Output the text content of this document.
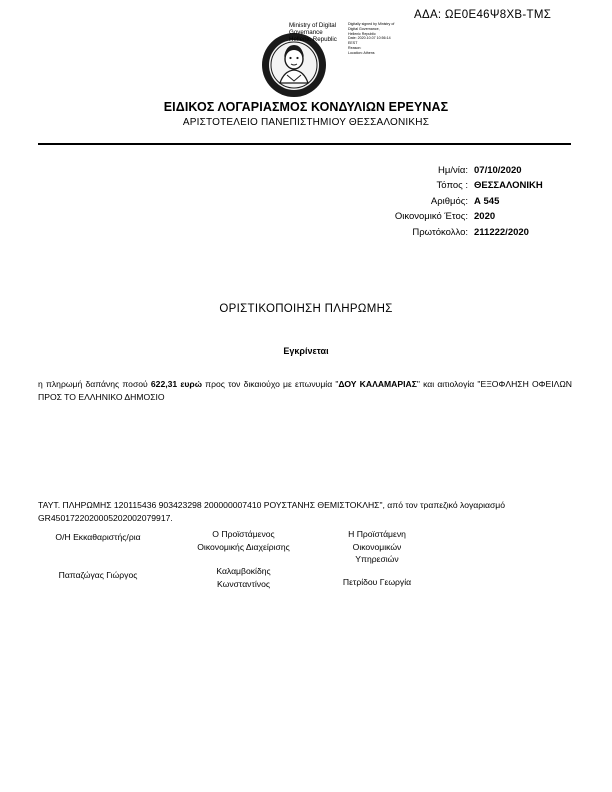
ΑΔΑ: ΩΕ0Ε46Ψ8ΧΒ-ΤΜΣ
Ministry of Digital
Governance
Hellenic Republic
Digitally signed by Ministry of
Digital Governance,
Hellenic Republic
Date: 2020.10.07 10:56:14
EEST
Reason:
Location: Athens
ΕΙΔΙΚΟΣ ΛΟΓΑΡΙΑΣΜΟΣ ΚΟΝΔΥΛΙΩΝ ΕΡΕΥΝΑΣ
ΑΡΙΣΤΟΤΕΛΕΙΟ ΠΑΝΕΠΙΣΤΗΜΙΟΥ ΘΕΣΣΑΛΟΝΙΚΗΣ
Ημ/νία: 07/10/2020
Τόπος : ΘΕΣΣΑΛΟΝΙΚΗ
Αριθμός: Α 545
Οικονομικό Έτος: 2020
Πρωτόκολλο: 211222/2020
ΟΡΙΣΤΙΚΟΠΟΙΗΣΗ ΠΛΗΡΩΜΗΣ
Εγκρίνεται
η πληρωμή δαπάνης ποσού 622,31 ευρώ προς τον δικαιούχο με επωνυμία "ΔΟΥ ΚΑΛΑΜΑΡΙΑΣ" και αιτιολογία "ΕΞΟΦΛΗΣΗ ΟΦΕΙΛΩΝ ΠΡΟΣ ΤΟ ΕΛΛΗΝΙΚΟ ΔΗΜΟΣΙΟ
ΤΑΥΤ. ΠΛΗΡΩΜΗΣ 120115436 903423298 200000007410 ΡΟΥΣΤΑΝΗΣ ΘΕΜΙΣΤΟΚΛΗΣ", από τον τραπεζικό λογαριασμό
GR4501722020005202002079917.
Ο/Η Εκκαθαριστής/ρια
Παπαζώγας Γιώργος
Ο Προϊστάμενος
Οικονομικής Διαχείρισης
Καλαμβοκίδης
Κωνσταντίνος
Η Προϊστάμενη
Οικονομικών
Υπηρεσιών
Πετρίδου Γεωργία
